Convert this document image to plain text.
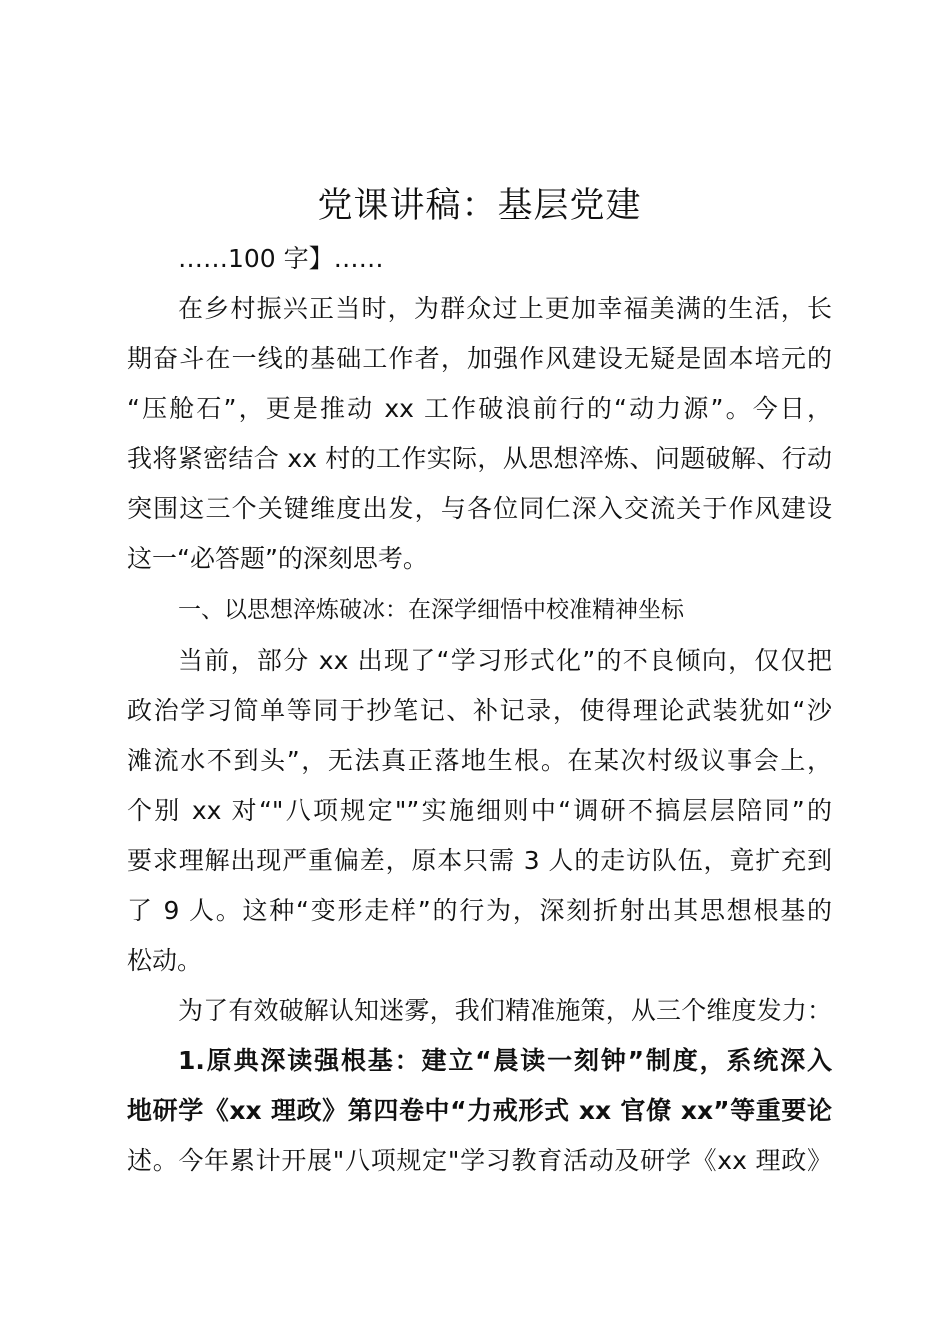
党课讲稿：基层党建

……100 字】……

在乡村振兴正当时，为群众过上更加幸福美满的生活，长

期奋斗在一线的基础工作者，加强作风建设无疑是固本培元的

“压舱石”，更是推动 xx 工作破浪前行的“动力源”。今日，

我将紧密结合 xx 村的工作实际，从思想淬炼、问题破解、行动

突围这三个关键维度出发，与各位同仁深入交流关于作风建设

这一“必答题”的深刻思考。

一、以思想淬炼破冰：在深学细悟中校准精神坐标

当前，部分 xx 出现了“学习形式化”的不良倾向，仅仅把

政治学习简单等同于抄笔记、补记录，使得理论武装犹如“沙

滩流水不到头”，无法真正落地生根。在某次村级议事会上，

个别 xx 对“"八项规定"”实施细则中“调研不搞层层陪同”的

要求理解出现严重偏差，原本只需 3 人的走访队伍，竟扩充到

了 9 人。这种“变形走样”的行为，深刻折射出其思想根基的

松动。

为了有效破解认知迷雾，我们精准施策，从三个维度发力：

1.原典深读强根基：建立“晨读一刻钟”制度，系统深入

地研学《xx 理政》第四卷中“力戒形式 xx 官僚 xx”等重要论

述。今年累计开展"八项规定"学习教育活动及研学《xx 理政》
